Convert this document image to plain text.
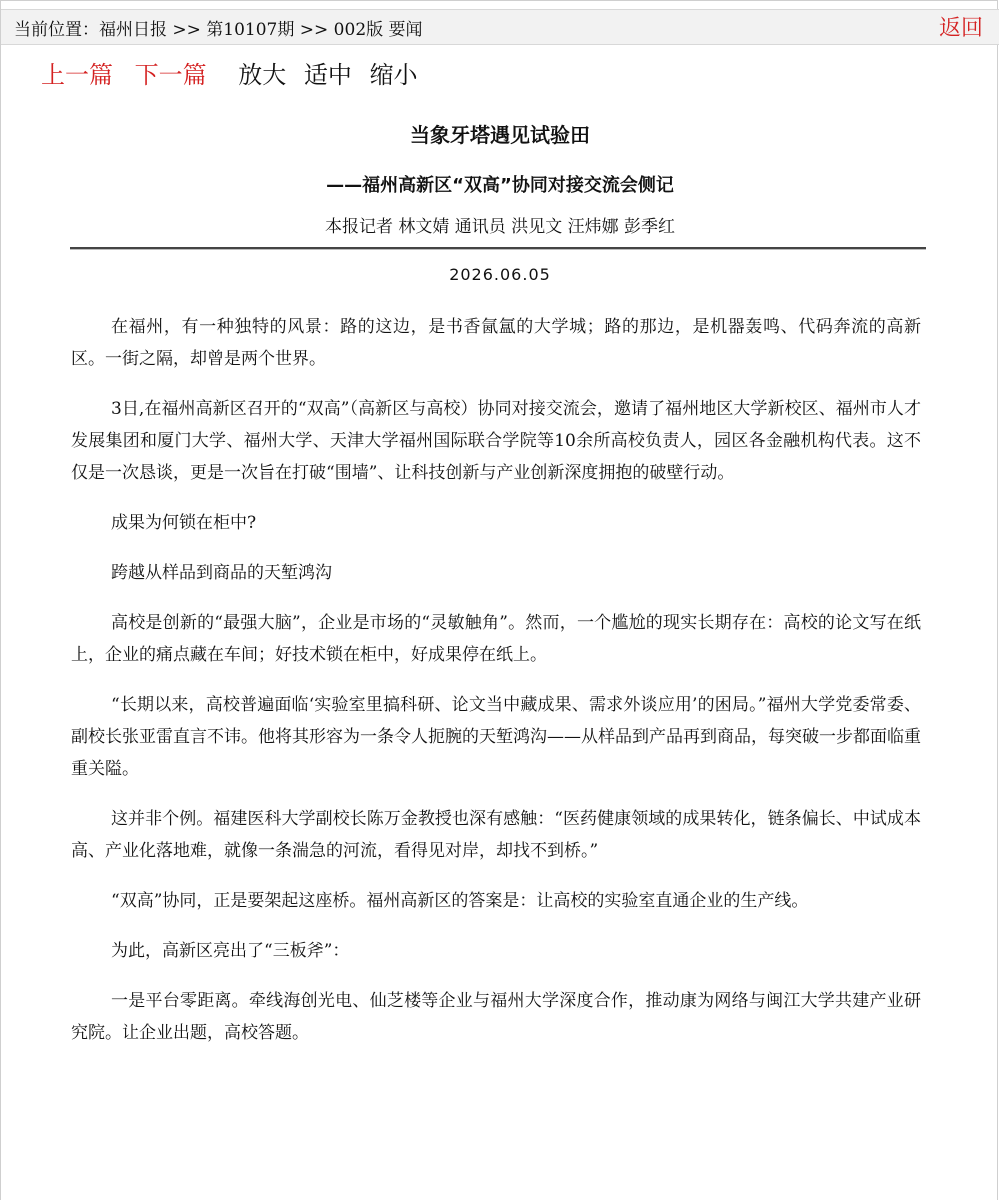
当前位置：福州日报 >> 第10107期 >> 002版 要闻	返回
上一篇 下一篇 放大 适中 缩小
当象牙塔遇见试验田
——福州高新区“双高”协同对接交流会侧记
本报记者 林文婧 通讯员 洪见文 汪炜娜 彭季红
2026.06.05

在福州，有一种独特的风景：路的这边，是书香氤氲的大学城；路的那边，是机器轰鸣、代码奔流的高新区。一街之隔，却曾是两个世界。

3日,在福州高新区召开的“双高”（高新区与高校）协同对接交流会，邀请了福州地区大学新校区、福州市人才发展集团和厦门大学、福州大学、天津大学福州国际联合学院等10余所高校负责人，园区各金融机构代表。这不仅是一次恳谈，更是一次旨在打破“围墙”、让科技创新与产业创新深度拥抱的破壁行动。

成果为何锁在柜中?

跨越从样品到商品的天堑鸿沟

高校是创新的“最强大脑”，企业是市场的“灵敏触角”。然而，一个尴尬的现实长期存在：高校的论文写在纸上，企业的痛点藏在车间；好技术锁在柜中，好成果停在纸上。

“长期以来，高校普遍面临‘实验室里搞科研、论文当中藏成果、需求外谈应用’的困局。”福州大学党委常委、副校长张亚雷直言不讳。他将其形容为一条令人扼腕的天堑鸿沟——从样品到产品再到商品，每突破一步都面临重重关隘。

这并非个例。福建医科大学副校长陈万金教授也深有感触：“医药健康领域的成果转化，链条偏长、中试成本高、产业化落地难，就像一条湍急的河流，看得见对岸，却找不到桥。”

“双高”协同，正是要架起这座桥。福州高新区的答案是：让高校的实验室直通企业的生产线。

为此，高新区亮出了“三板斧”：

一是平台零距离。牵线海创光电、仙芝楼等企业与福州大学深度合作，推动康为网络与闽江大学共建产业研究院。让企业出题，高校答题。
